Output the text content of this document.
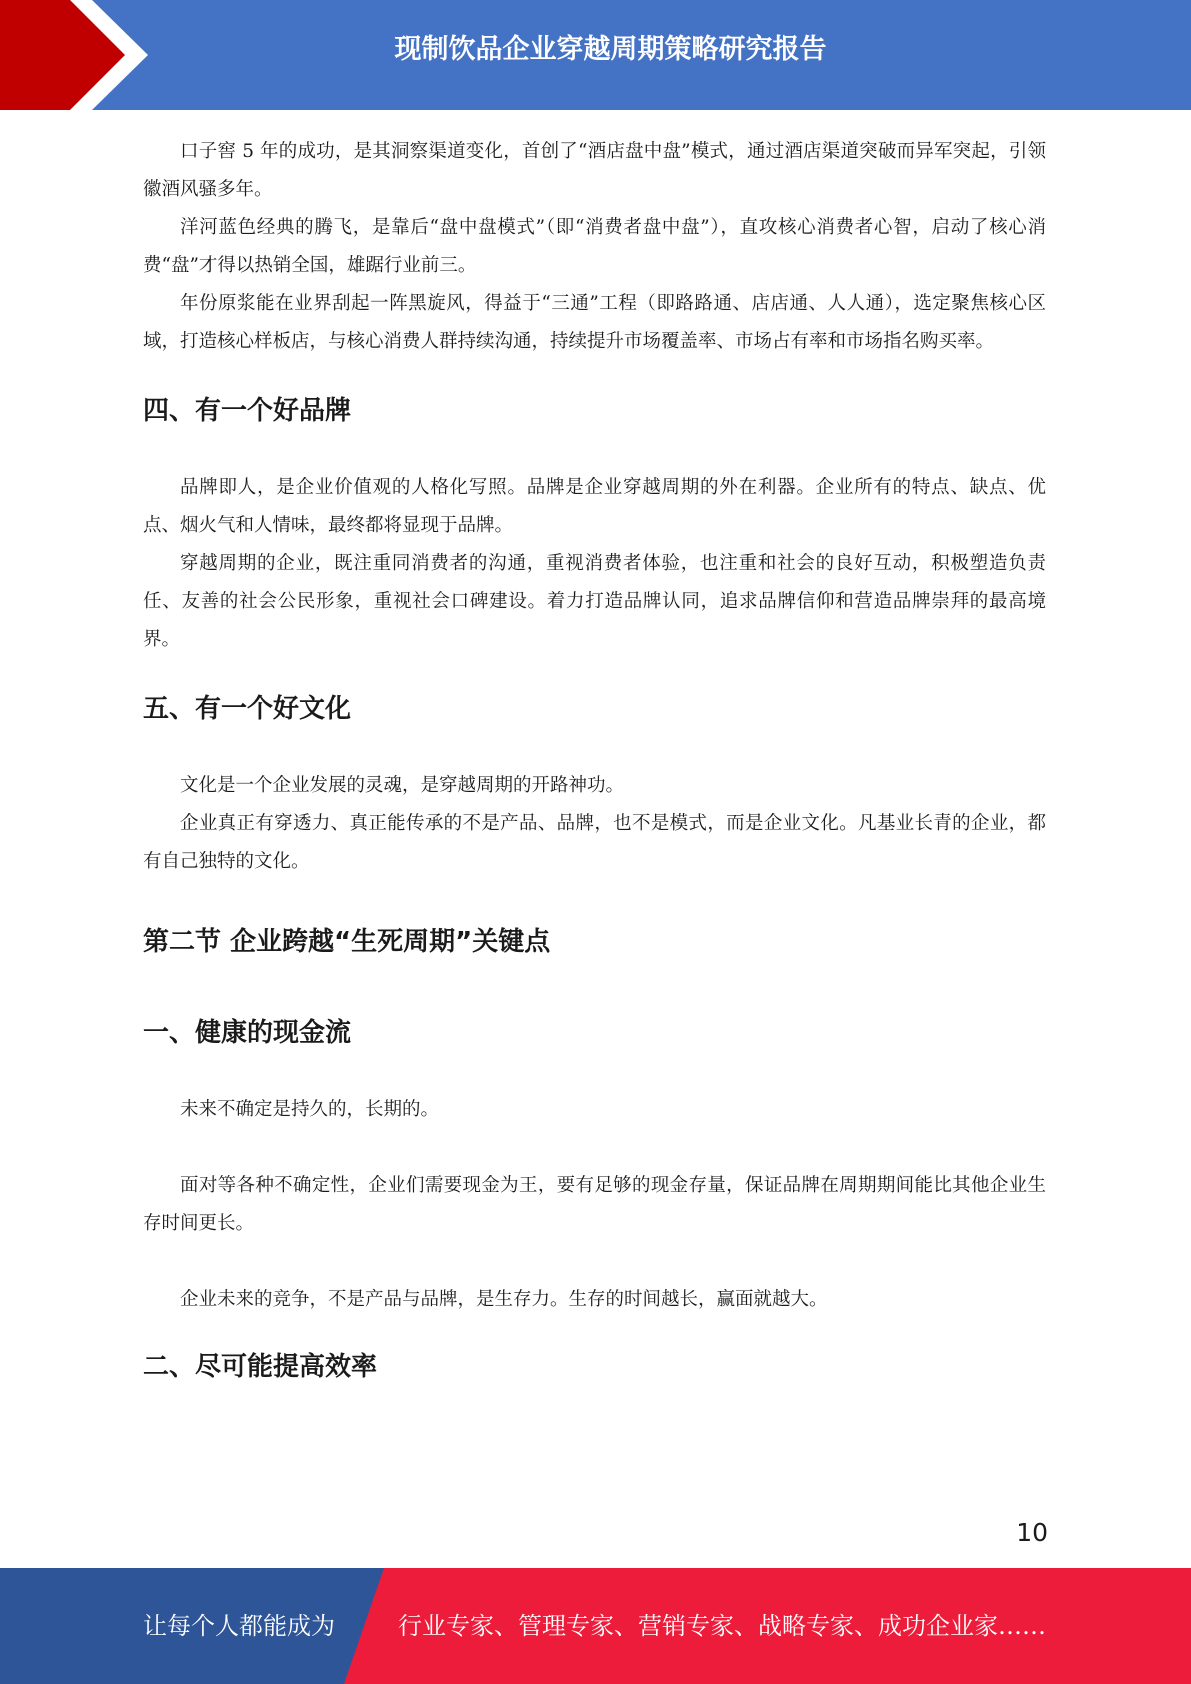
现制饮品企业穿越周期策略研究报告

口子窖 5 年的成功，是其洞察渠道变化，首创了“酒店盘中盘”模式，通过酒店渠道突破而异军突起，引领徽酒风骚多年。

洋河蓝色经典的腾飞，是靠后“盘中盘模式”（即“消费者盘中盘”），直攻核心消费者心智，启动了核心消费“盘”才得以热销全国，雄踞行业前三。

年份原浆能在业界刮起一阵黑旋风，得益于“三通”工程（即路路通、店店通、人人通），选定聚焦核心区域，打造核心样板店，与核心消费人群持续沟通，持续提升市场覆盖率、市场占有率和市场指名购买率。

四、有一个好品牌

品牌即人，是企业价值观的人格化写照。品牌是企业穿越周期的外在利器。企业所有的特点、缺点、优点、烟火气和人情味，最终都将显现于品牌。

穿越周期的企业，既注重同消费者的沟通，重视消费者体验，也注重和社会的良好互动，积极塑造负责任、友善的社会公民形象，重视社会口碑建设。着力打造品牌认同，追求品牌信仰和营造品牌崇拜的最高境界。

五、有一个好文化

文化是一个企业发展的灵魂，是穿越周期的开路神功。

企业真正有穿透力、真正能传承的不是产品、品牌，也不是模式，而是企业文化。凡基业长青的企业，都有自己独特的文化。

第二节 企业跨越“生死周期”关键点
一、健康的现金流

未来不确定是持久的，长期的。

面对等各种不确定性，企业们需要现金为王，要有足够的现金存量，保证品牌在周期期间能比其他企业生存时间更长。

企业未来的竞争，不是产品与品牌，是生存力。生存的时间越长，赢面就越大。

二、尽可能提高效率
10
让每个人都能成为	行业专家、管理专家、营销专家、战略专家、成功企业家……
